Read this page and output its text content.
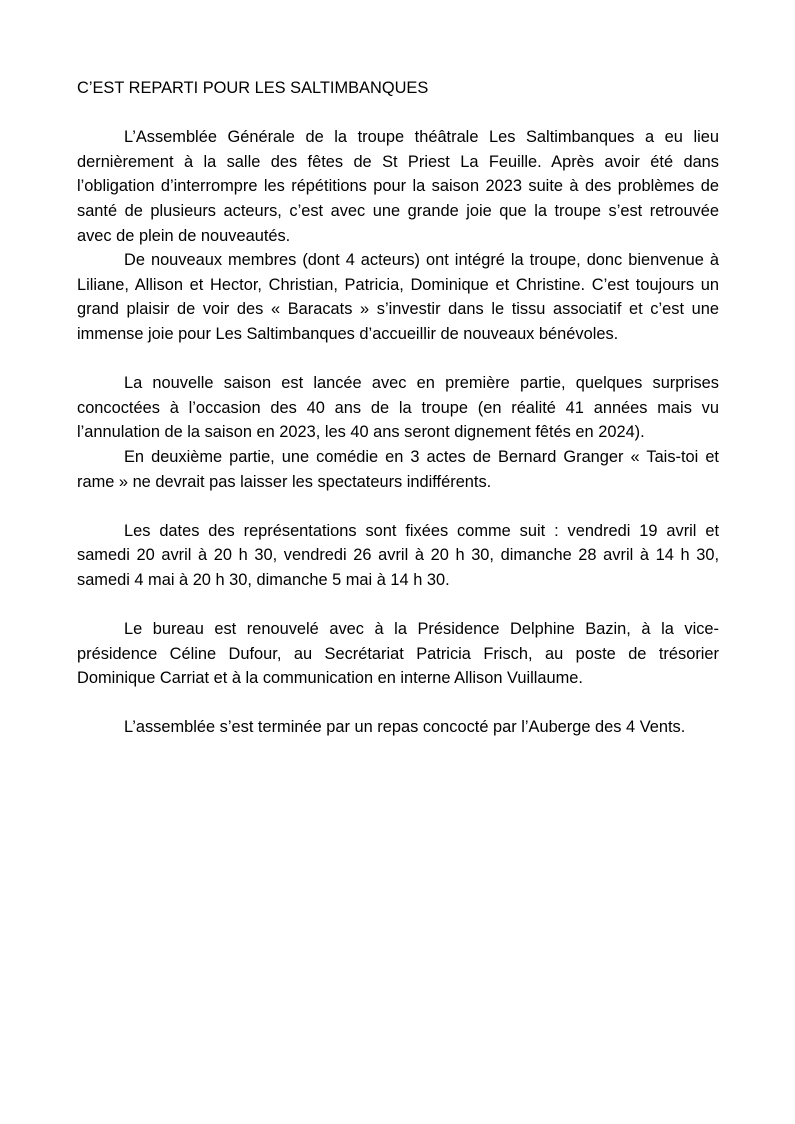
C’EST REPARTI POUR LES SALTIMBANQUES

L’Assemblée Générale de la troupe théâtrale Les Saltimbanques a eu lieu dernièrement à la salle des fêtes de St Priest La Feuille. Après avoir été dans l’obligation d’interrompre les répétitions pour la saison 2023 suite à des problèmes de santé de plusieurs acteurs, c’est avec une grande joie que la troupe s’est retrouvée avec de plein de nouveautés.

De nouveaux membres (dont 4 acteurs) ont intégré la troupe, donc bienvenue à Liliane, Allison et Hector, Christian, Patricia, Dominique et Christine. C’est toujours un grand plaisir de voir des « Baracats » s’investir dans le tissu associatif et c’est une immense joie pour Les Saltimbanques d’accueillir de nouveaux bénévoles.

La nouvelle saison est lancée avec en première partie, quelques surprises concoctées à l’occasion des 40 ans de la troupe (en réalité 41 années mais vu l’annulation de la saison en 2023, les 40 ans seront dignement fêtés en 2024).

En deuxième partie, une comédie en 3 actes de Bernard Granger « Tais-toi et rame » ne devrait pas laisser les spectateurs indifférents.

Les dates des représentations sont fixées comme suit : vendredi 19 avril et samedi 20 avril à 20 h 30, vendredi 26 avril à 20 h 30, dimanche 28 avril à 14 h 30, samedi 4 mai à 20 h 30, dimanche 5 mai à 14 h 30.

Le bureau est renouvelé avec à la Présidence Delphine Bazin, à la vice-présidence Céline Dufour, au Secrétariat Patricia Frisch, au poste de trésorier Dominique Carriat et à la communication en interne Allison Vuillaume.

L’assemblée s’est terminée par un repas concocté par l’Auberge des 4 Vents.
